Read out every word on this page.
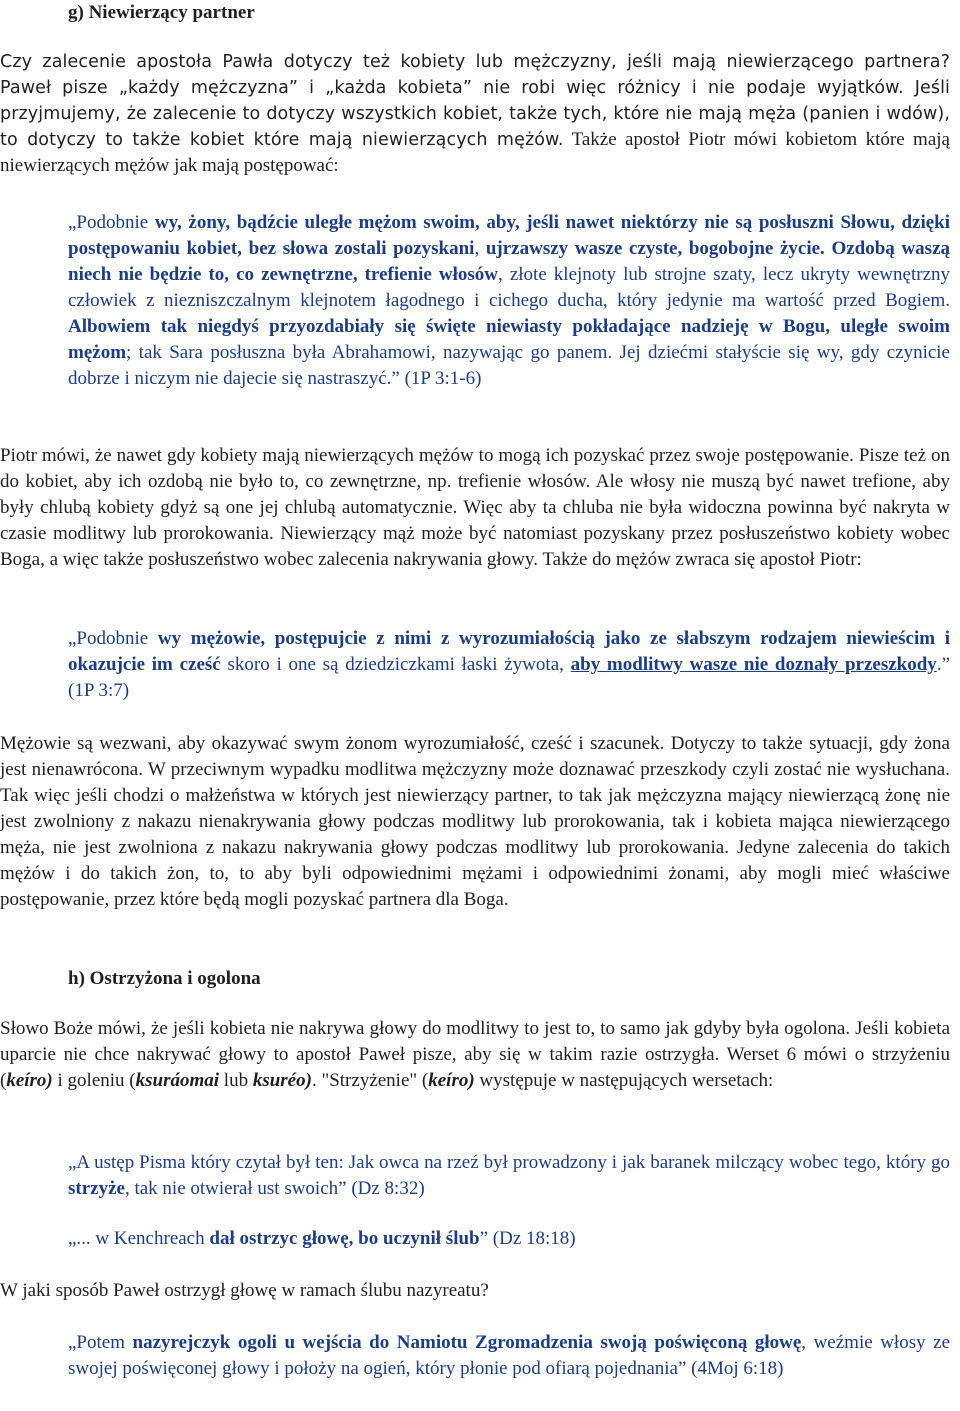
g) Niewierzący partner

Czy zalecenie apostoła Pawła dotyczy też kobiety lub mężczyzny, jeśli mają niewierzącego partnera? Paweł pisze „każdy mężczyzna” i „każda kobieta” nie robi więc różnicy i nie podaje wyjątków. Jeśli przyjmujemy, że zalecenie to dotyczy wszystkich kobiet, także tych, które nie mają męża (panien i wdów), to dotyczy to także kobiet które mają niewierzących mężów. Także apostoł Piotr mówi kobietom które mają niewierzących mężów jak mają postępować:

„Podobnie wy, żony, bądźcie uległe mężom swoim, aby, jeśli nawet niektórzy nie są posłuszni Słowu, dzięki postępowaniu kobiet, bez słowa zostali pozyskani, ujrzawszy wasze czyste, bogobojne życie. Ozdobą waszą niech nie będzie to, co zewnętrzne, trefienie włosów, złote klejnoty lub strojne szaty, lecz ukryty wewnętrzny człowiek z niezniszczalnym klejnotem łagodnego i cichego ducha, który jedynie ma wartość przed Bogiem. Albowiem tak niegdyś przyozdabiały się święte niewiasty pokładające nadzieję w Bogu, uległe swoim mężom; tak Sara posłuszna była Abrahamowi, nazywając go panem. Jej dziećmi stałyście się wy, gdy czynicie dobrze i niczym nie dajecie się nastraszyć.” (1P 3:1-6)

Piotr mówi, że nawet gdy kobiety mają niewierzących mężów to mogą ich pozyskać przez swoje postępowanie. Pisze też on do kobiet, aby ich ozdobą nie było to, co zewnętrzne, np. trefienie włosów. Ale włosy nie muszą być nawet trefione, aby były chlubą kobiety gdyż są one jej chlubą automatycznie. Więc aby ta chluba nie była widoczna powinna być nakryta w czasie modlitwy lub prorokowania. Niewierzący mąż może być natomiast pozyskany przez posłuszeństwo kobiety wobec Boga, a więc także posłuszeństwo wobec zalecenia nakrywania głowy. Także do mężów zwraca się apostoł Piotr:

„Podobnie wy mężowie, postępujcie z nimi z wyrozumiałością jako ze słabszym rodzajem niewieścim i okazujcie im cześć skoro i one są dziedziczkami łaski żywota, aby modlitwy wasze nie doznały przeszkody.” (1P 3:7)

Mężowie są wezwani, aby okazywać swym żonom wyrozumiałość, cześć i szacunek. Dotyczy to także sytuacji, gdy żona jest nienawrócona. W przeciwnym wypadku modlitwa mężczyzny może doznawać przeszkody czyli zostać nie wysłuchana. Tak więc jeśli chodzi o małżeństwa w których jest niewierzący partner, to tak jak mężczyzna mający niewierzącą żonę nie jest zwolniony z nakazu nienakrywania głowy podczas modlitwy lub prorokowania, tak i kobieta mająca niewierzącego męża, nie jest zwolniona z nakazu nakrywania głowy podczas modlitwy lub prorokowania. Jedyne zalecenia do takich mężów i do takich żon, to, to aby byli odpowiednimi mężami i odpowiednimi żonami, aby mogli mieć właściwe postępowanie, przez które będą mogli pozyskać partnera dla Boga.

h) Ostrzyżona i ogolona

Słowo Boże mówi, że jeśli kobieta nie nakrywa głowy do modlitwy to jest to, to samo jak gdyby była ogolona. Jeśli kobieta uparcie nie chce nakrywać głowy to apostoł Paweł pisze, aby się w takim razie ostrzygła. Werset 6 mówi o strzyżeniu (keíro) i goleniu (ksuráomai lub ksuréo). "Strzyżenie" (keíro) występuje w następujących wersetach:

„A ustęp Pisma który czytał był ten: Jak owca na rzeź był prowadzony i jak baranek milczący wobec tego, który go strzyże, tak nie otwierał ust swoich” (Dz 8:32)

„... w Kenchreach dał ostrzyc głowę, bo uczynił ślub” (Dz 18:18)

W jaki sposób Paweł ostrzygł głowę w ramach ślubu nazyreatu?

„Potem nazyrejczyk ogoli u wejścia do Namiotu Zgromadzenia swoją poświęconą głowę, weźmie włosy ze swojej poświęconej głowy i położy na ogień, który płonie pod ofiarą pojednania” (4Moj 6:18)
